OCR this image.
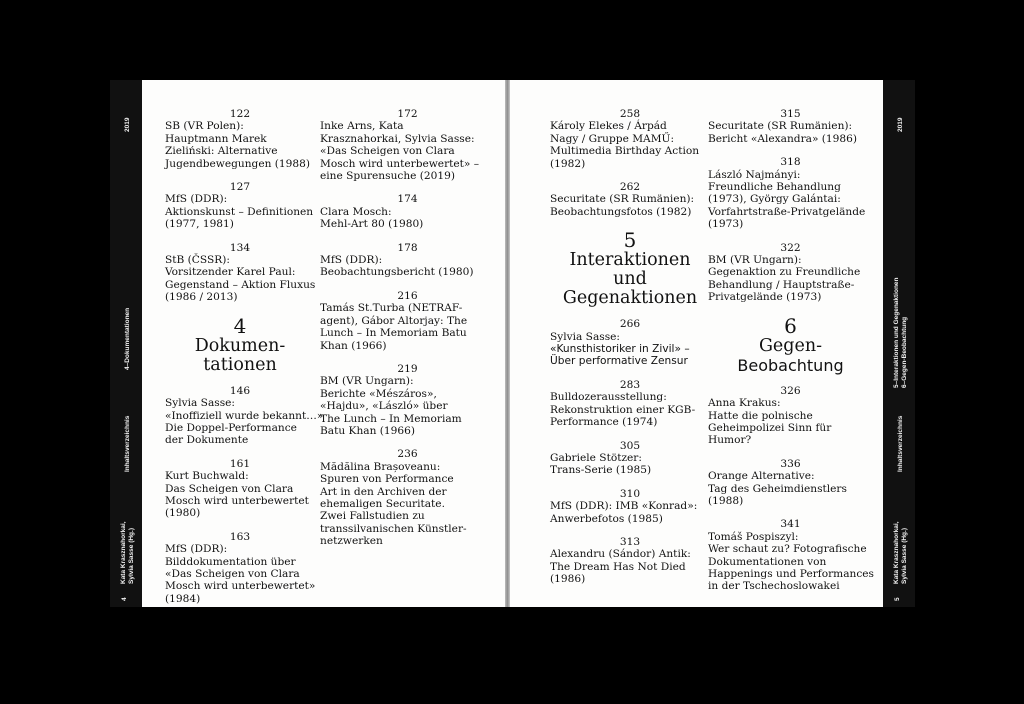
4
Kata Krasznahorkai, Sylvia Sasse (Hg.)
Inhaltsverzeichnis
4–Dokumentationen
2019
122
SB (VR Polen):
Hauptmann Marek
Zieliński: Alternative
Jugendbewegungen (1988)
127
MfS (DDR):
Aktionskunst – Definitionen
(1977, 1981)
134
StB (ČSSR):
Vorsitzender Karel Paul:
Gegenstand – Aktion Fluxus
(1986 / 2013)
4
Dokumen-
tationen
146
Sylvia Sasse:
«Inoffiziell wurde bekannt…»
Die Doppel-Performance
der Dokumente
161
Kurt Buchwald:
Das Scheigen von Clara
Mosch wird unterbewertet
(1980)
163
MfS (DDR):
Bilddokumentation über
«Das Scheigen von Clara
Mosch wird unterbewertet»
(1984)
172
Inke Arns, Kata
Krasznahorkai, Sylvia Sasse:
«Das Scheigen von Clara
Mosch wird unterbewertet» –
eine Spurensuche (2019)
174
Clara Mosch:
Mehl-Art 80 (1980)
178
MfS (DDR):
Beobachtungsbericht (1980)
216
Tamás St.Turba (NETRAF-
agent), Gábor Altorjay: The
Lunch – In Memoriam Batu
Khan (1966)
219
BM (VR Ungarn):
Berichte «Mészáros»,
«Hajdu», «László» über
The Lunch – In Memoriam
Batu Khan (1966)
236
Mădălina Brașoveanu:
Spuren von Performance
Art in den Archiven der
ehemaligen Securitate.
Zwei Fallstudien zu
transsilvanischen Künstler-
netzwerken
258
Károly Elekes / Árpád
Nagy / Gruppe MAMŰ:
Multimedia Birthday Action
(1982)
262
Securitate (SR Rumänien):
Beobachtungsfotos (1982)
5
Interaktionen
und
Gegenaktionen
266
Sylvia Sasse:
«Kunsthistoriker in Zivil» –
Über performative Zensur
283
Bulldozerausstellung:
Rekonstruktion einer KGB-
Performance (1974)
305
Gabriele Stötzer:
Trans-Serie (1985)
310
MfS (DDR): IMB «Konrad»:
Anwerbefotos (1985)
313
Alexandru (Sándor) Antik:
The Dream Has Not Died
(1986)
315
Securitate (SR Rumänien):
Bericht «Alexandra» (1986)
318
László Najmányi:
Freundliche Behandlung
(1973), György Galántai:
Vorfahrtstraße-Privatgelände
(1973)
322
BM (VR Ungarn):
Gegenaktion zu Freundliche
Behandlung / Hauptstraße-
Privatgelände (1973)
6
Gegen-
Beobachtung
326
Anna Krakus:
Hatte die polnische
Geheimpolizei Sinn für
Humor?
336
Orange Alternative:
Tag des Geheimdienstlers
(1988)
341
Tomáš Pospiszyl:
Wer schaut zu? Fotografische
Dokumentationen von
Happenings und Performances
in der Tschechoslowakei
5
Kata Krasznahorkai, Sylvia Sasse (Hg.)
Inhaltsverzeichnis
5–Interaktionen und Gegenaktionen 6–Gegen-Beobachtung
2019
